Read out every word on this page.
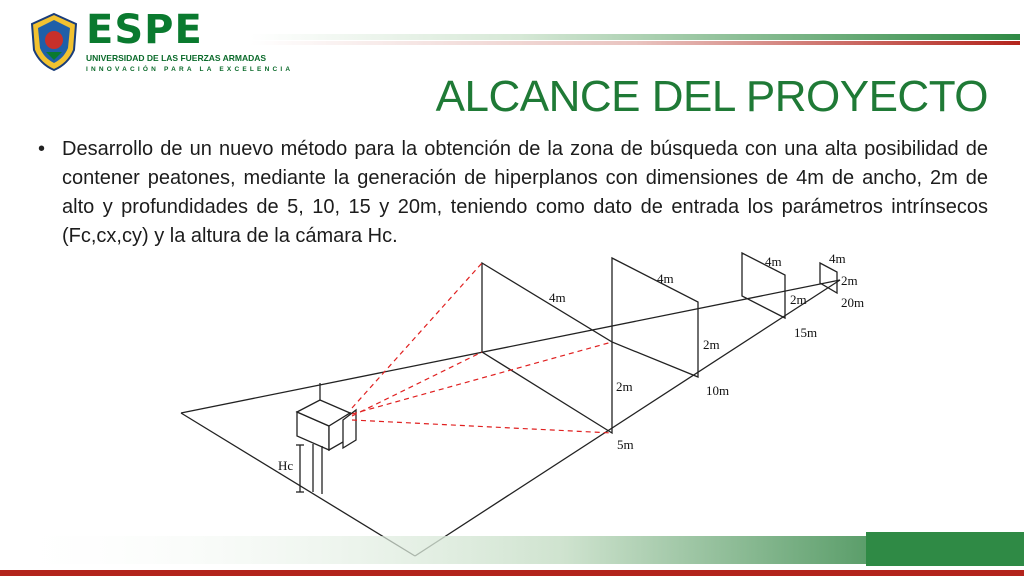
ESPE
UNIVERSIDAD DE LAS FUERZAS ARMADAS
INNOVACIÓN PARA LA EXCELENCIA
ALCANCE DEL PROYECTO
• Desarrollo de un nuevo método para la obtención de la zona de búsqueda con una alta posibilidad de contener peatones, mediante la generación de hiperplanos con dimensiones de 4m de ancho, 2m de alto y profundidades de 5, 10, 15 y 20m, teniendo como dato de entrada los parámetros intrínsecos (Fc,cx,cy) y la altura de la cámara Hc.

4m
2m
5m
4m
2m
10m
4m
2m
15m
4m
2m
20m
Hc
